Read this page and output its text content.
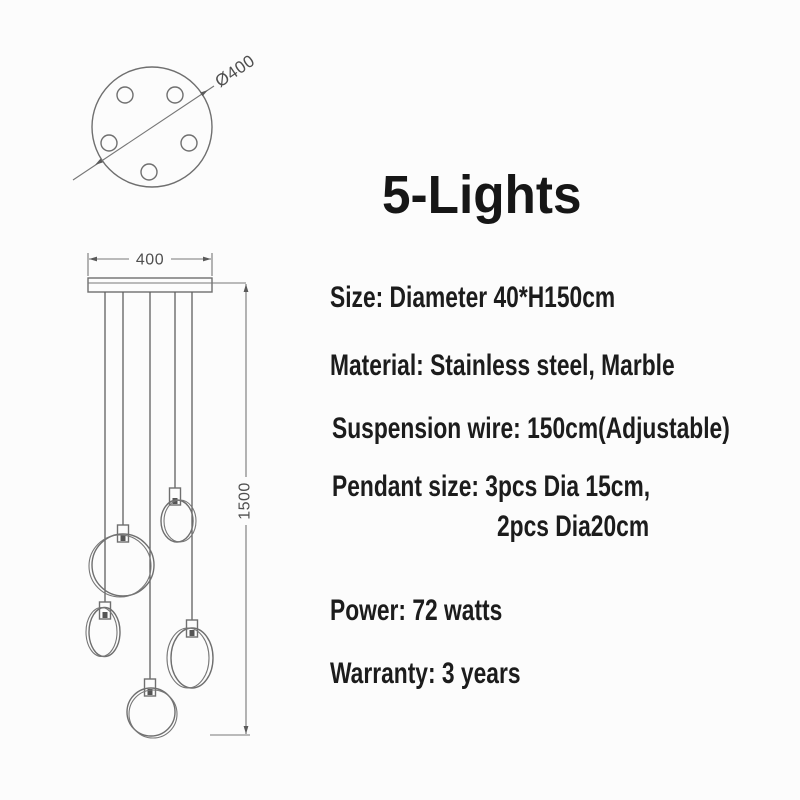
Ø400
400
1500
5-Lights
Size: Diameter 40*H150cm
Material: Stainless steel, Marble
Suspension wire: 150cm(Adjustable)
Pendant size: 3pcs Dia 15cm,
2pcs Dia20cm
Power: 72 watts
Warranty: 3 years
